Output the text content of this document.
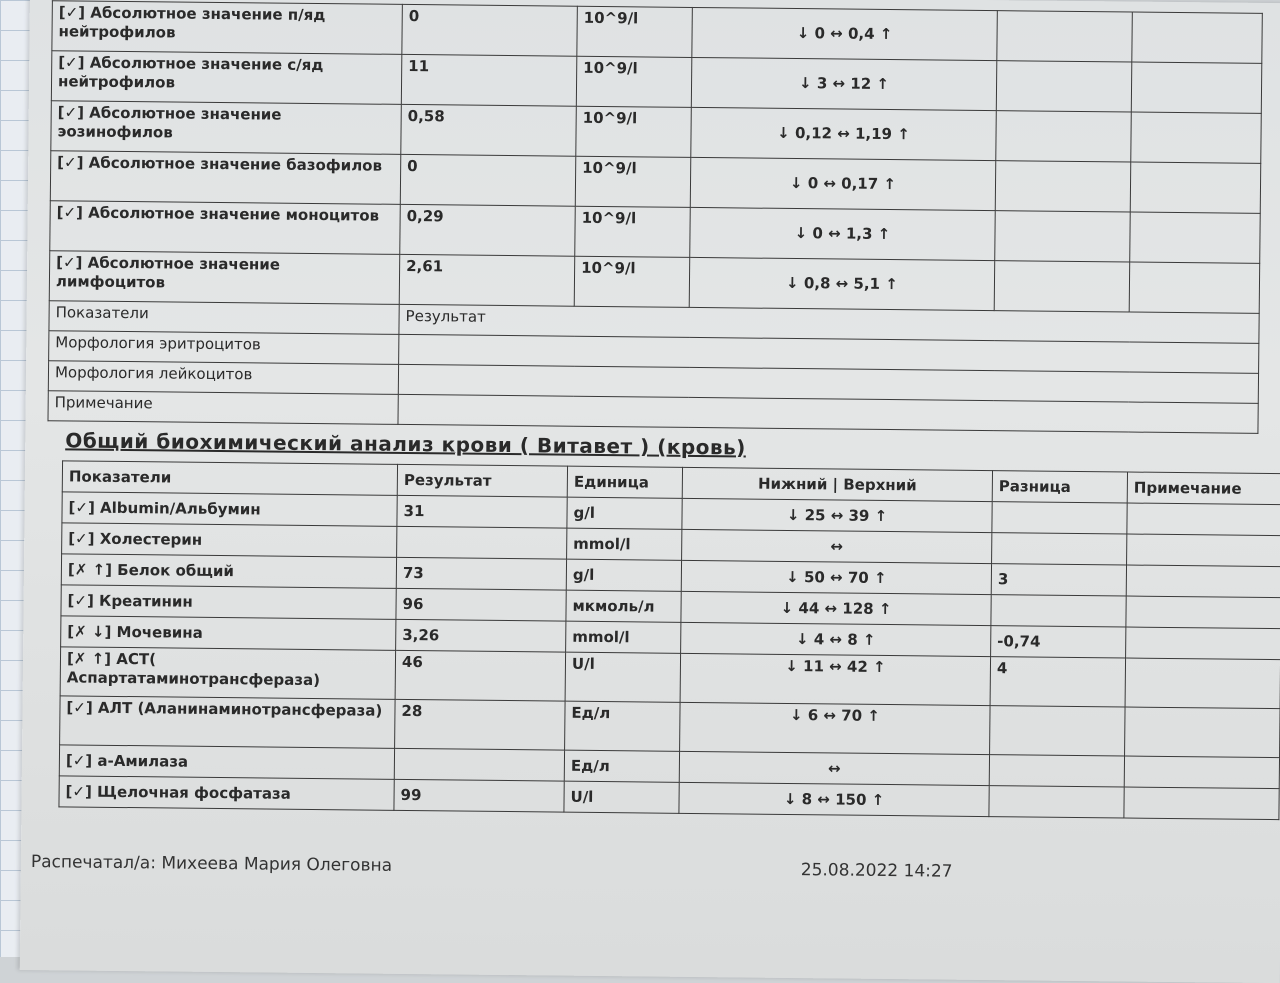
[✓] Абсолютное значение п/яд нейтрофилов	0	10^9/l	↓ 0 ↔ 0,4 ↑		
[✓] Абсолютное значение с/яд нейтрофилов	11	10^9/l	↓ 3 ↔ 12 ↑		
[✓] Абсолютное значение эозинофилов	0,58	10^9/l	↓ 0,12 ↔ 1,19 ↑		
[✓] Абсолютное значение базофилов	0	10^9/l	↓ 0 ↔ 0,17 ↑		
[✓] Абсолютное значение моноцитов	0,29	10^9/l	↓ 0 ↔ 1,3 ↑		
[✓] Абсолютное значение лимфоцитов	2,61	10^9/l	↓ 0,8 ↔ 5,1 ↑		
Показатели	Результат				
Морфология эритроцитов					
Морфология лейкоцитов					
Примечание					
Общий биохимический анализ крови ( Витавет ) (кровь)
Показатели	Результат	Единица	Нижний | Верхний	Разница	Примечание
[✓] Albumin/Альбумин	31	g/l	↓ 25 ↔ 39 ↑		
[✓] Холестерин		mmol/l	↔		
[✗ ↑] Белок общий	73	g/l	↓ 50 ↔ 70 ↑	3	
[✓] Креатинин	96	мкмоль/л	↓ 44 ↔ 128 ↑		
[✗ ↓] Мочевина	3,26	mmol/l	↓ 4 ↔ 8 ↑	-0,74	
[✗ ↑] АСТ( Аспартатаминотрансфераза)	46	U/l	↓ 11 ↔ 42 ↑	4	
[✓] АЛТ (Аланинаминотрансфераза)	28	Ед/л	↓ 6 ↔ 70 ↑		
[✓] а-Амилаза		Ед/л	↔		
[✓] Щелочная фосфатаза	99	U/l	↓ 8 ↔ 150 ↑		
Распечатал/а: Михеева Мария Олеговна	25.08.2022 14:27
